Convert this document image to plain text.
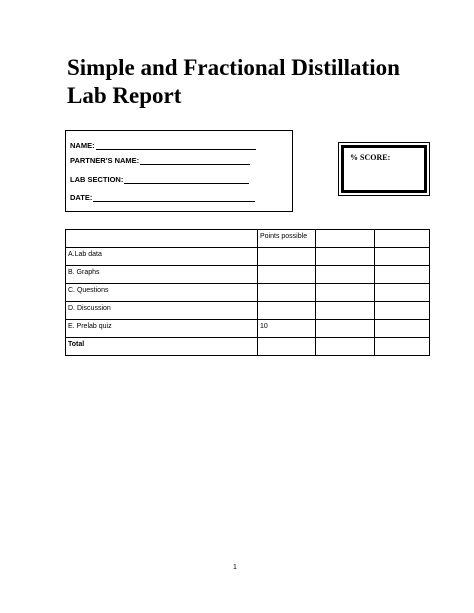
Simple and Fractional Distillation
Lab Report
NAME:
PARTNER'S NAME:
LAB SECTION:
DATE:
% SCORE:
	Points possible		
A.Lab data			
B. Graphs			
C. Questions			
D. Discussion			
E. Prelab quiz	10		
Total			
1
